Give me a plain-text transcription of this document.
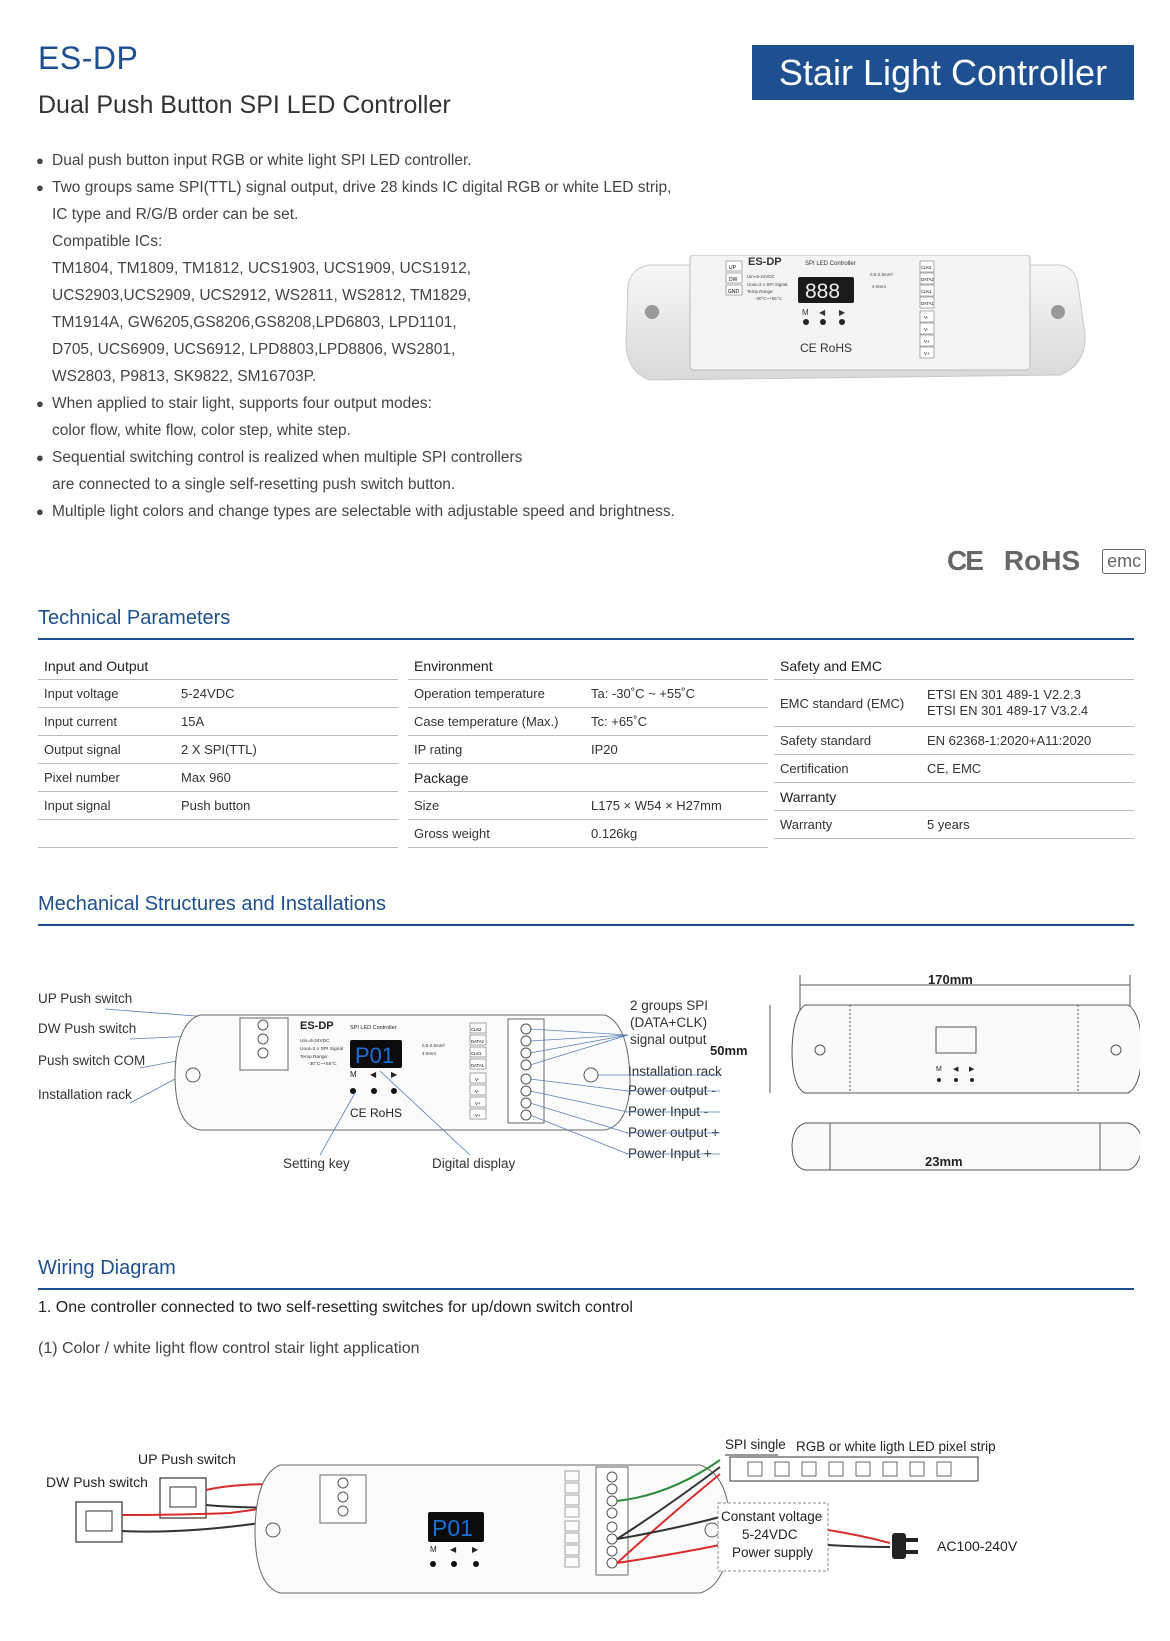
ES-DP
Dual Push Button SPI LED Controller
Stair Light Controller
● Dual push button input RGB or white light SPI LED controller.
● Two groups same SPI(TTL) signal output, drive 28 kinds IC digital RGB or white LED strip,
IC type and R/G/B order can be set.
Compatible ICs:
TM1804, TM1809, TM1812, UCS1903, UCS1909, UCS1912,
UCS2903,UCS2909, UCS2912, WS2811, WS2812, TM1829,
TM1914A, GW6205,GS8206,GS8208,LPD6803, LPD1101,
D705, UCS6909, UCS6912, LPD8803,LPD8806, WS2801,
WS2803, P9813, SK9822, SM16703P.
● When applied to stair light, supports four output modes:
color flow, white flow, color step, white step.
● Sequential switching control is realized when multiple SPI controllers
are connected to a single self-resetting push switch button.
● Multiple light colors and change types are selectable with adjustable speed and brightness.
UP
DW
GND
ES-DP	SPI LED Controller
Uin=5-24VDC
Uout=2 x SPI Signal
Temp.Range:
-30°C~+55°C 888
M ◀ ▶
0.5-2.5mm²
4-5mm
CE RoHS
CLK2
DATA2
CLK1
DATA1
V-
V-
V+
V+
CE RoHS emc
Technical Parameters
Input and Output	
Input voltage	5-24VDC
Input current	15A
Output signal	2 X SPI(TTL)
Pixel number	Max 960
Input signal	Push button

Environment	
Operation temperature	Ta: -30˚C ~ +55˚C
Case temperature (Max.)	Tc: +65˚C
IP rating	IP20
Package	
Size	L175 × W54 × H27mm
Gross weight	0.126kg
Safety and EMC	
EMC standard (EMC)	ETSI EN 301 489-1 V2.2.3
ETSI EN 301 489-17 V3.2.4

Safety standard	EN 62368-1:2020+A11:2020
Certification	CE, EMC
Warranty	
Warranty	5 years
Mechanical Structures and Installations
UP Push switch
DW Push switch
Push switch COM
Installation rack
ES-DP	SPI LED Controller
Uin=5-24VDC
Uout=2 x SPI Signal
Temp.Range:
-30°C~+55°C P01
M ◀ ▶
CE RoHS
0.5-2.5mm²
4-5mm
CLK2
DATA2
CLK1
DATA1
V-
V-
V+
V+
2 groups SPI
(DATA+CLK)
signal output
Installation rack
Power output -
Power Input -
Power output +
Power Input +
Setting key	Digital display
170mm
50mm
23mm
M ◀ ▶
Wiring Diagram
1. One controller connected to two self-resetting switches for up/down switch control
(1) Color / white light flow control stair light application
UP Push switch
DW Push switch
P01
M ◀ ▶
SPI single RGB or white ligth LED pixel strip
Constant voltage
5-24VDC
Power supply	AC100-240V
